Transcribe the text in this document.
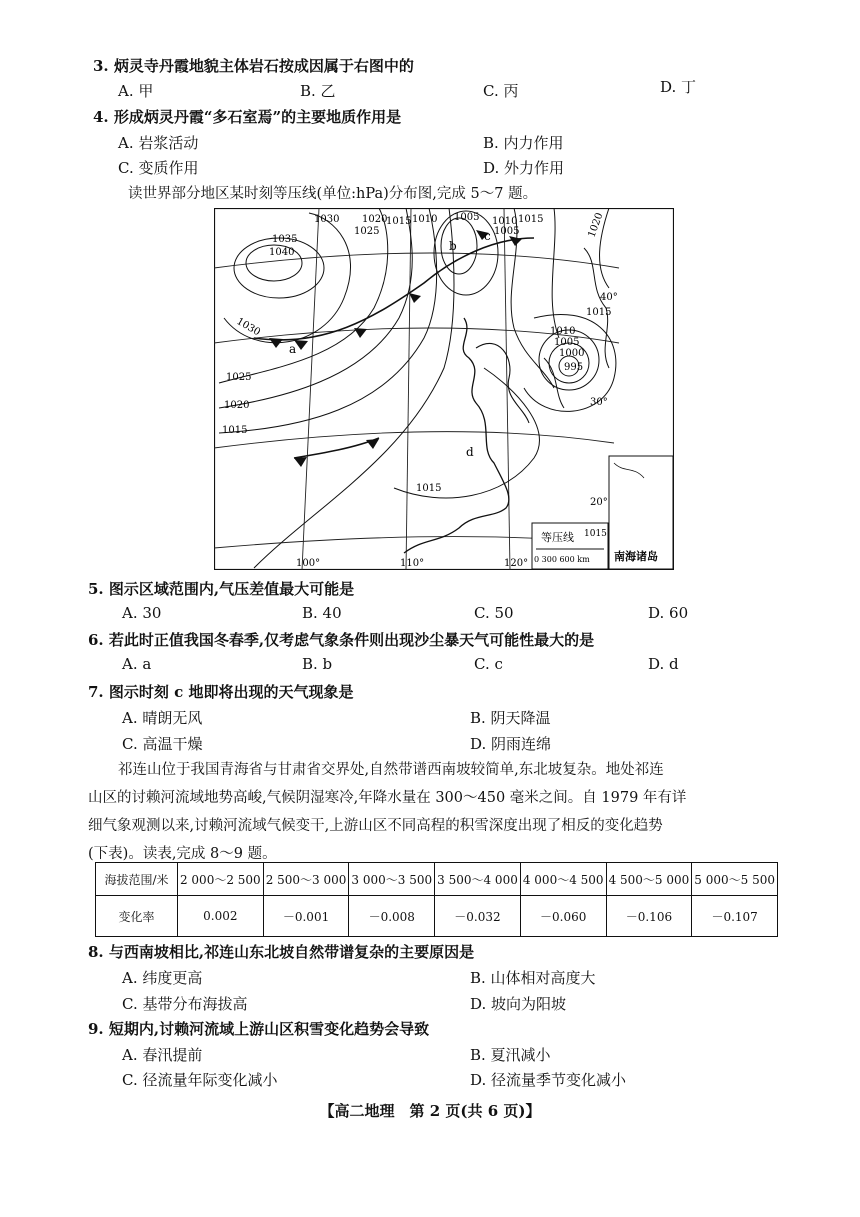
3. 炳灵寺丹霞地貌主体岩石按成因属于右图中的
A. 甲	B. 乙	C. 丙	D. 丁
4. 形成炳灵丹霞“多石室焉”的主要地质作用是
A. 岩浆活动	B. 内力作用
C. 变质作用	D. 外力作用
读世界部分地区某时刻等压线(单位:hPa)分布图,完成 5～7 题。
1035
1040
1030
1025
1020
1015
1015
1030 1020
1015 1010
1025
1005 1010
1005
1015	1020
1015
1010
1005
1000
995
a
b
c
d
40°
30°
20°
100°	110°	120°
等压线 1015
0 300 600 km 南海诸岛
5. 图示区域范围内,气压差值最大可能是
A. 30	B. 40	C. 50	D. 60
6. 若此时正值我国冬春季,仅考虑气象条件则出现沙尘暴天气可能性最大的是
A. a	B. b	C. c	D. d
7. 图示时刻 c 地即将出现的天气现象是
A. 晴朗无风	B. 阴天降温
C. 高温干燥	D. 阴雨连绵
祁连山位于我国青海省与甘肃省交界处,自然带谱西南坡较简单,东北坡复杂。地处祁连
山区的讨赖河流域地势高峻,气候阴湿寒冷,年降水量在 300～450 毫米之间。自 1979 年有详
细气象观测以来,讨赖河流域气候变干,上游山区不同高程的积雪深度出现了相反的变化趋势
(下表)。读表,完成 8～9 题。
海拔范围/米	2 000～2 500	2 500～3 000	3 000～3 500	3 500～4 000	4 000～4 500	4 500～5 000	5 000～5 500
变化率	0.002	－0.001	－0.008	－0.032	－0.060	－0.106	－0.107
8. 与西南坡相比,祁连山东北坡自然带谱复杂的主要原因是
A. 纬度更高	B. 山体相对高度大
C. 基带分布海拔高	D. 坡向为阳坡
9. 短期内,讨赖河流域上游山区积雪变化趋势会导致
A. 春汛提前	B. 夏汛减小
C. 径流量年际变化减小	D. 径流量季节变化减小
【高二地理　第 2 页(共 6 页)】
